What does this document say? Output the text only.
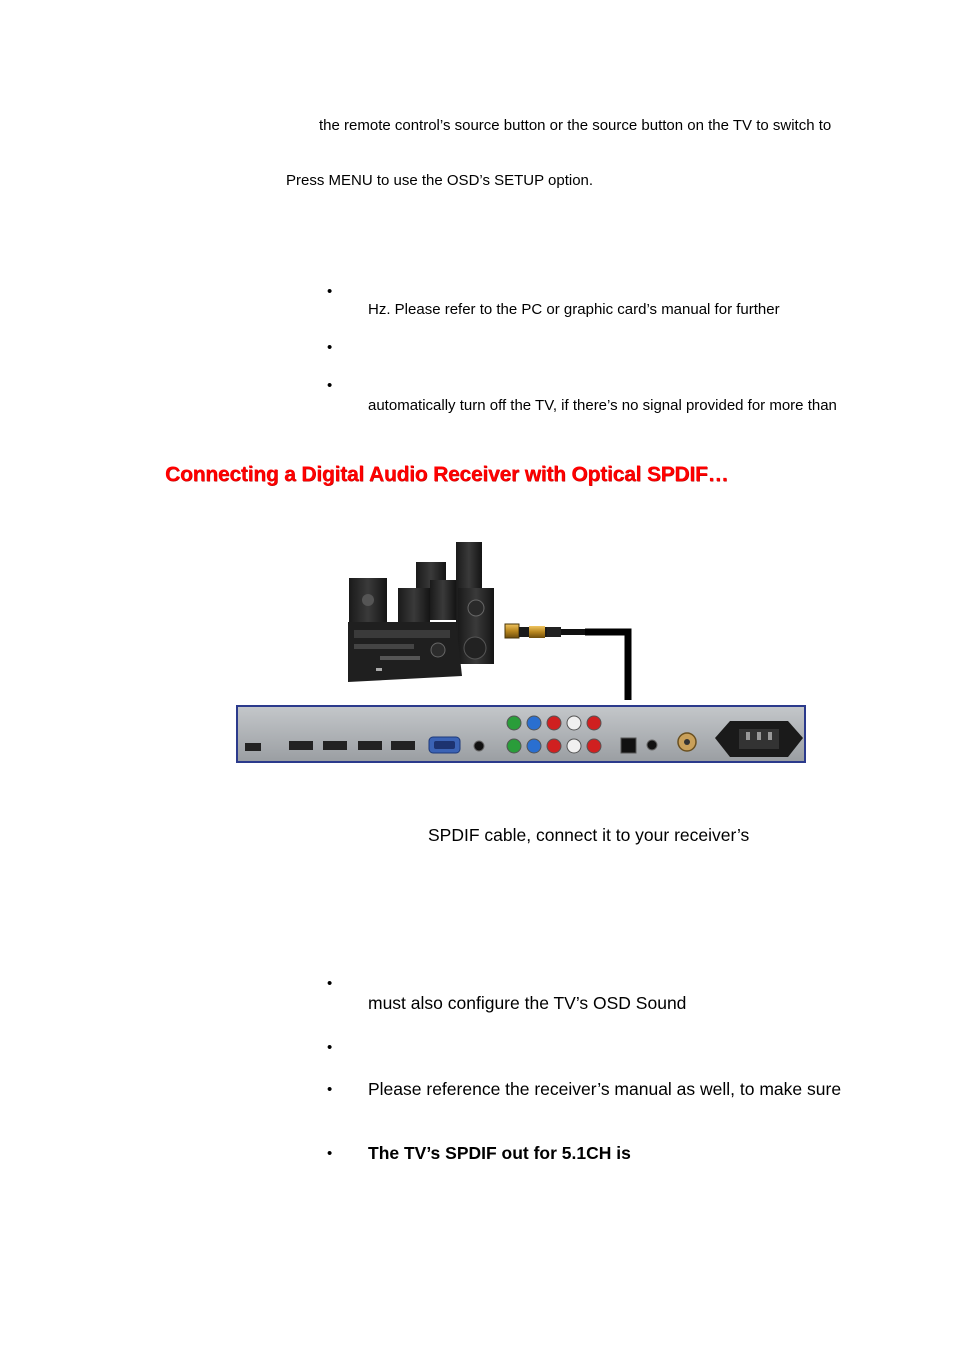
the remote control’s source button or the source button on the TV to switch to
Press MENU to use the OSD’s SETUP option.
•
Hz. Please refer to the PC or graphic card’s manual for further
•
•
automatically turn off the TV, if there’s no signal provided for more than
Connecting a Digital Audio Receiver with Optical SPDIF…
SPDIF cable, connect it to your receiver’s
•
must also configure the TV’s OSD Sound
•
• Please reference the receiver’s manual as well, to make sure
• The TV’s SPDIF out for 5.1CH is
